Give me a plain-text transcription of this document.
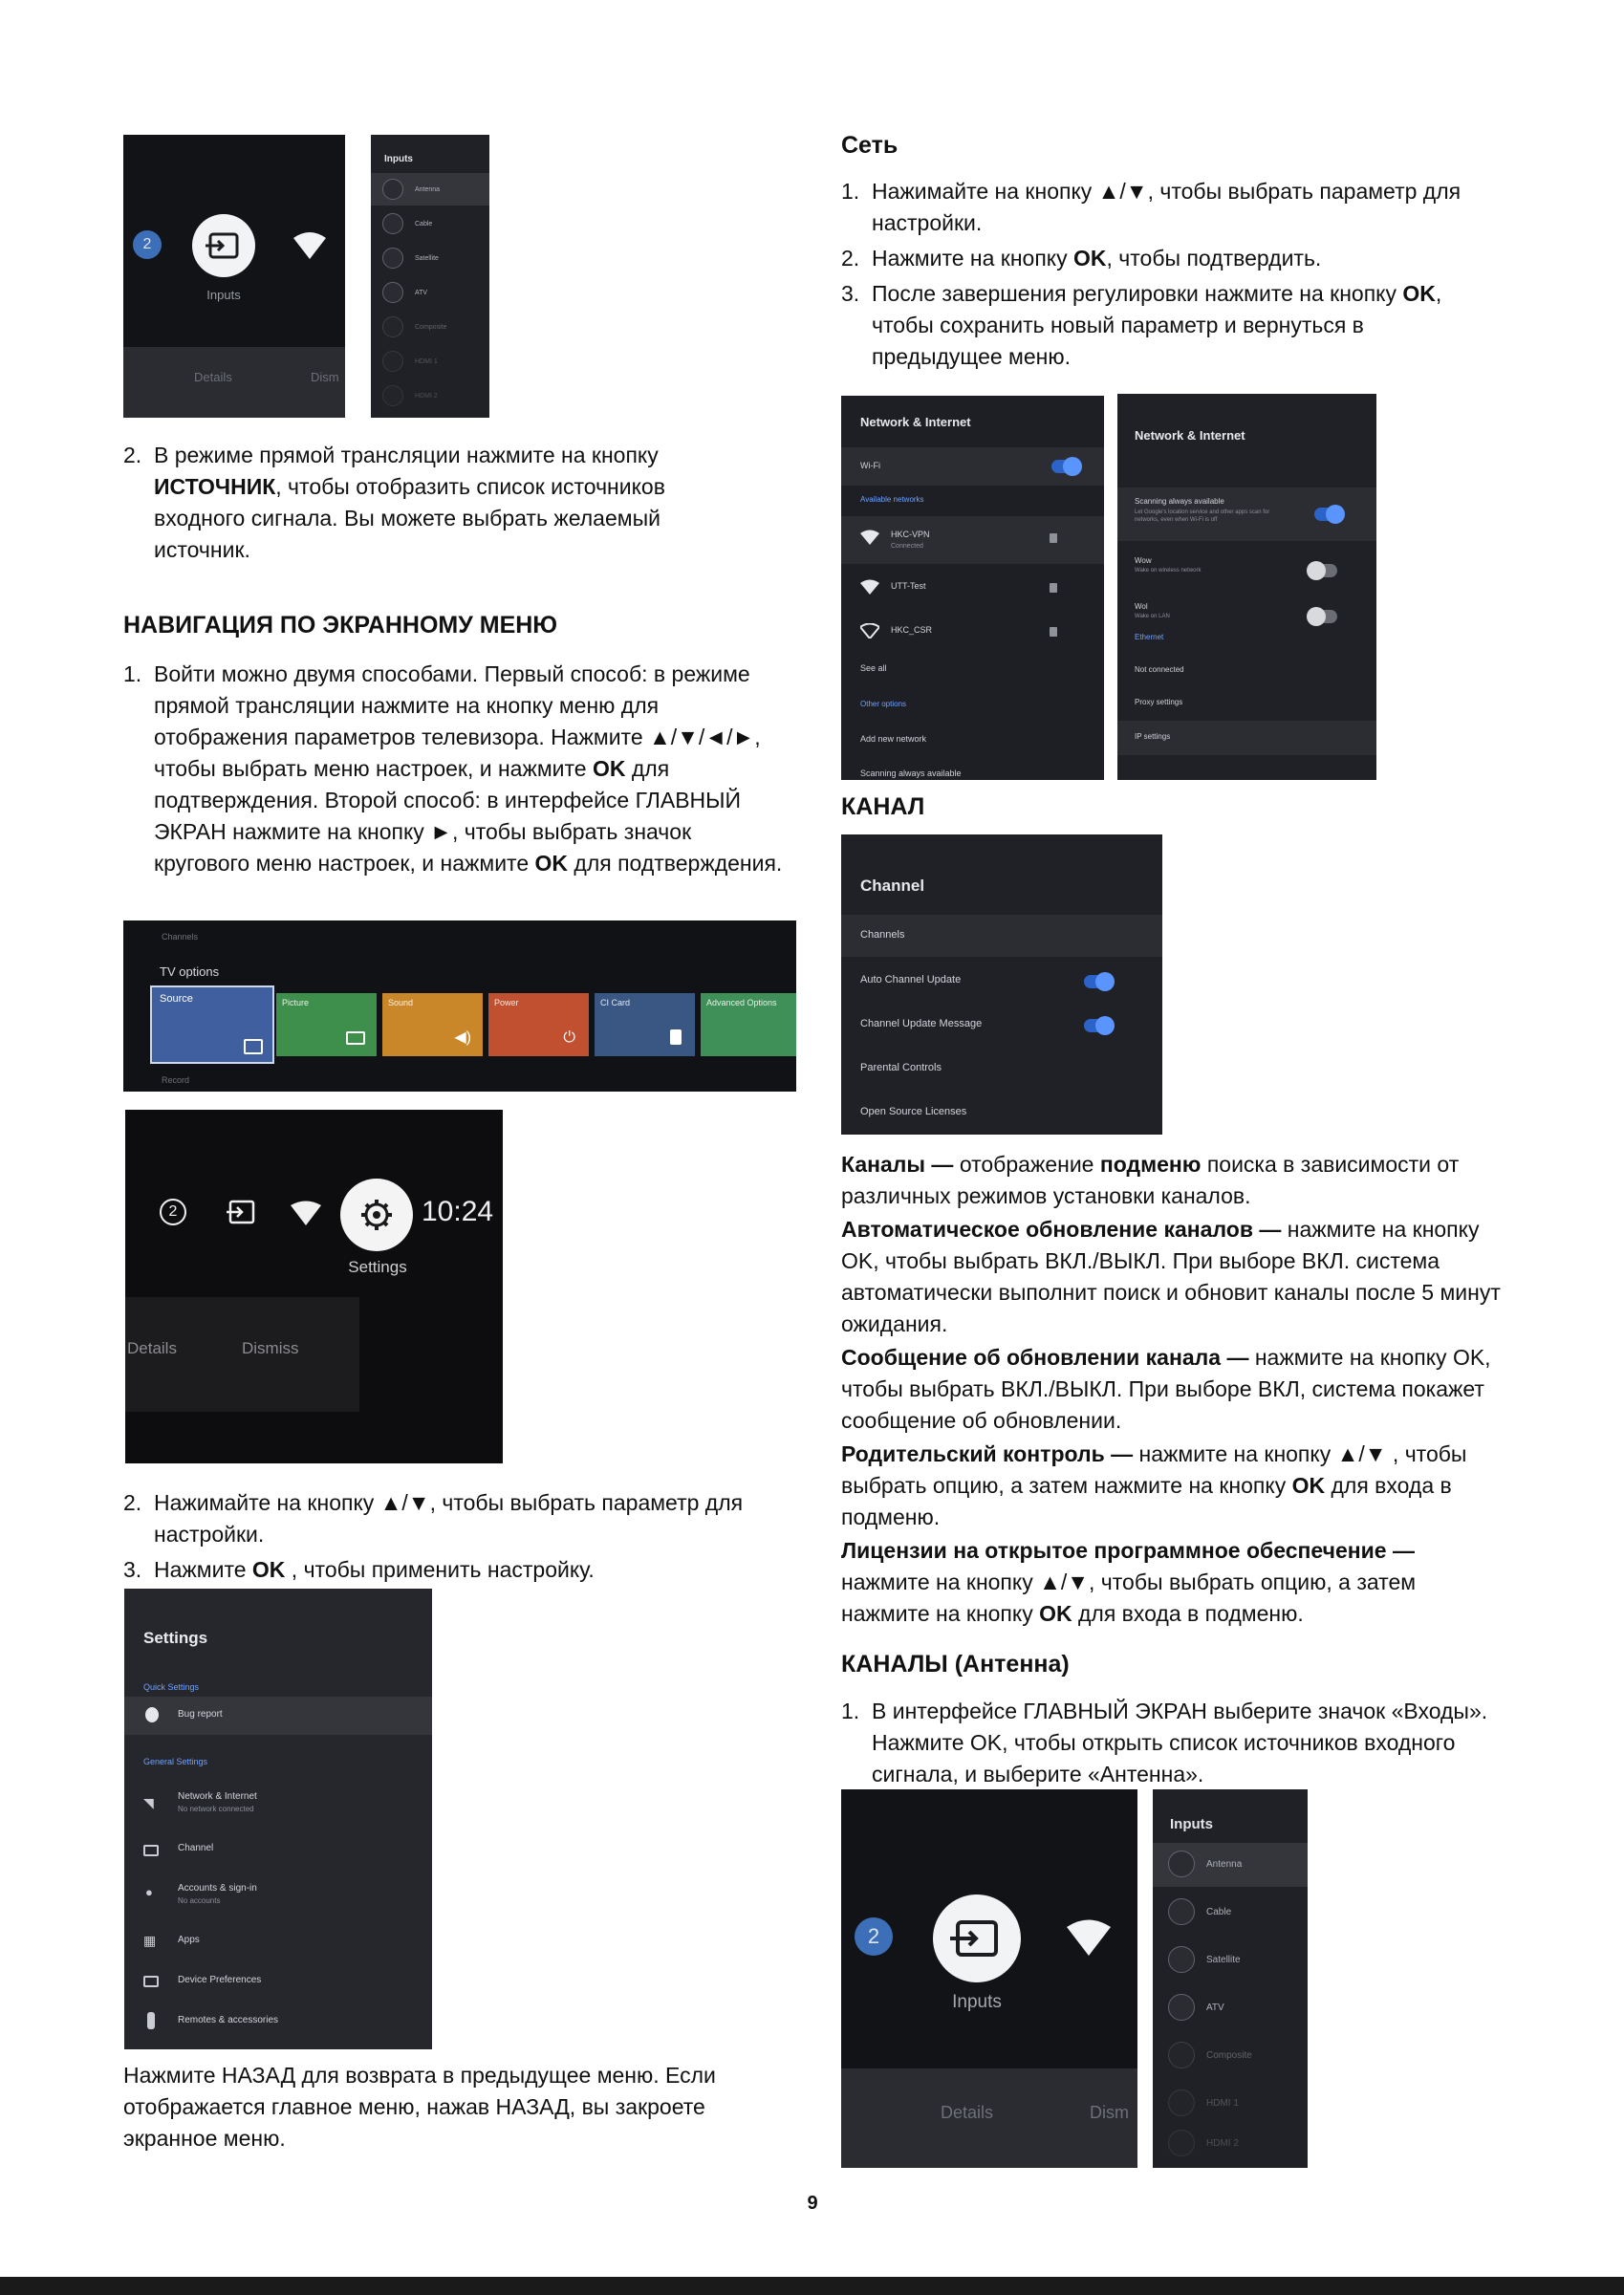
2
Inputs
Details	Dism
Inputs
Antenna
Cable
Satellite
ATV
Composite
HDMI 1
HDMI 2
2. В режиме прямой трансляции нажмите на кнопку ИСТОЧНИК, чтобы отобразить список источников входного сигнала. Вы можете выбрать желаемый источник.
НАВИГАЦИЯ ПО ЭКРАННОМУ МЕНЮ
1. Войти можно двумя способами. Первый способ: в режиме прямой трансляции нажмите на кнопку меню для отображения параметров телевизора. Нажмите ▲/▼/◄/►, чтобы выбрать меню настроек, и нажмите OK для подтверждения. Второй способ: в интерфейсе ГЛАВНЫЙ ЭКРАН нажмите на кнопку ►, чтобы выбрать значок кругового меню настроек, и нажмите OK для подтверждения.
Channels
TV options
Source	Picture	Sound
◀)
Power
⏻
CI Card	Advanced Options
Record
2	10:24
Settings
Details	Dismiss
2. Нажимайте на кнопку ▲/▼, чтобы выбрать параметр для настройки.
3. Нажмите OK , чтобы применить настройку.
Settings
Quick Settings
Bug report
General Settings
◥	Network & Internet
No network connected
Channel
●	Accounts & sign-in
No accounts
▦ Apps
Device Preferences
Remotes & accessories
Нажмите НАЗАД для возврата в предыдущее меню. Если отображается главное меню, нажав НАЗАД, вы закроете экранное меню.
Сеть
1. Нажимайте на кнопку ▲/▼, чтобы выбрать параметр для настройки.
2. Нажмите на кнопку OK, чтобы подтвердить.
3. После завершения регулировки нажмите на кнопку OK, чтобы сохранить новый параметр и вернуться в предыдущее меню.
Network & Internet
Wi-Fi
Available networks
HKC-VPN
Connected
UTT-Test
HKC_CSR
See all
Other options
Add new network
Scanning always available
Network & Internet
Scanning always available
Let Google's location service and other apps scan for networks, even when Wi-Fi is off
Wow
Wake on wireless network
Wol
Wake on LAN
Ethernet
Not connected
Proxy settings
IP settings
КАНАЛ
Channel
Channels
Auto Channel Update
Channel Update Message
Parental Controls
Open Source Licenses

Каналы — отображение подменю поиска в зависимости от различных режимов установки каналов.

Автоматическое обновление каналов — нажмите на кнопку OK, чтобы выбрать ВКЛ./ВЫКЛ. При выборе ВКЛ. система автоматически выполнит поиск и обновит каналы после 5 минут ожидания.

Сообщение об обновлении канала — нажмите на кнопку OK, чтобы выбрать ВКЛ./ВЫКЛ. При выборе ВКЛ, система покажет сообщение об обновлении.

Родительский контроль — нажмите на кнопку ▲/▼ , чтобы выбрать опцию, а затем нажмите на кнопку OK для входа в подменю.

Лицензии на открытое программное обеспечение — нажмите на кнопку ▲/▼, чтобы выбрать опцию, а затем нажмите на кнопку OK для входа в подменю.

КАНАЛЫ (Антенна)
1. В интерфейсе ГЛАВНЫЙ ЭКРАН выберите значок «Входы». Нажмите OK, чтобы открыть список источников входного сигнала, и выберите «Антенна».
2
Inputs
Details	Dism
Inputs
Antenna
Cable
Satellite
ATV
Composite
HDMI 1
HDMI 2
9
